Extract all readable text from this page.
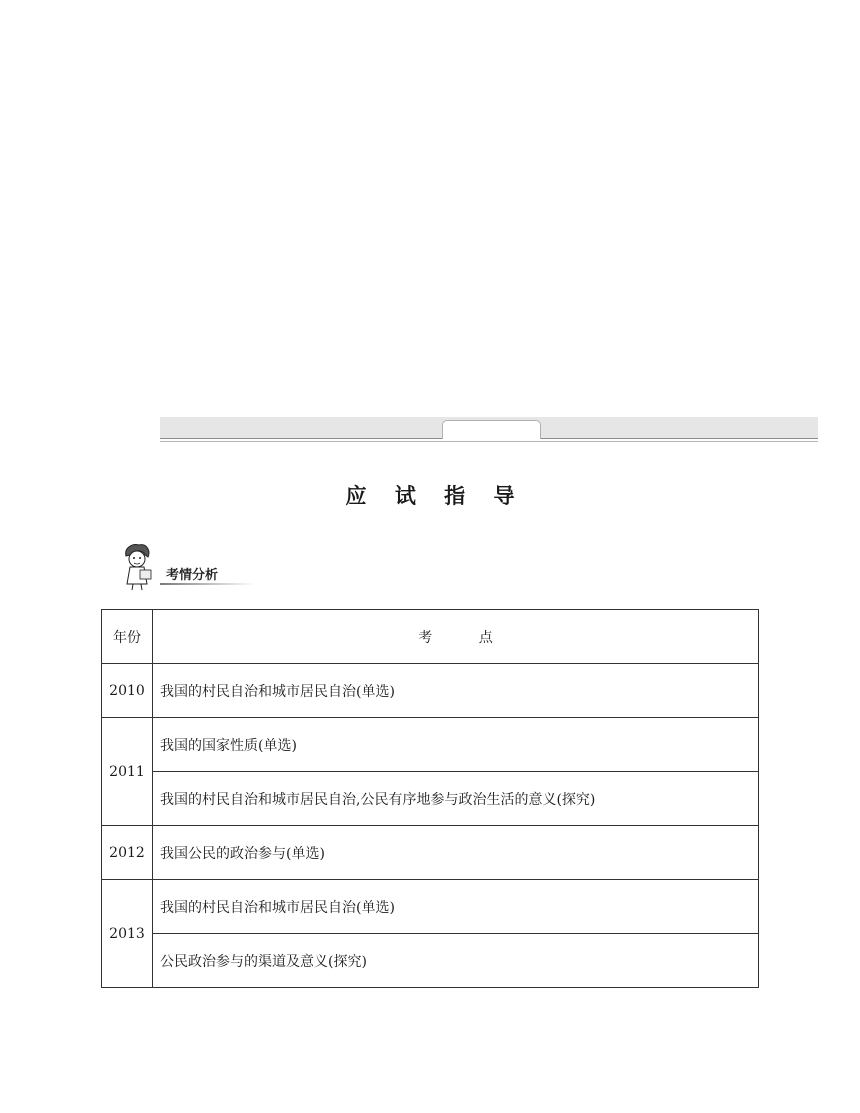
应 试 指 导
考情分析
年份	考 点
2010	我国的村民自治和城市居民自治(单选)
2011	我国的国家性质(单选)
	我国的村民自治和城市居民自治,公民有序地参与政治生活的意义(探究)
2012	我国公民的政治参与(单选)
2013	我国的村民自治和城市居民自治(单选)
	公民政治参与的渠道及意义(探究)
